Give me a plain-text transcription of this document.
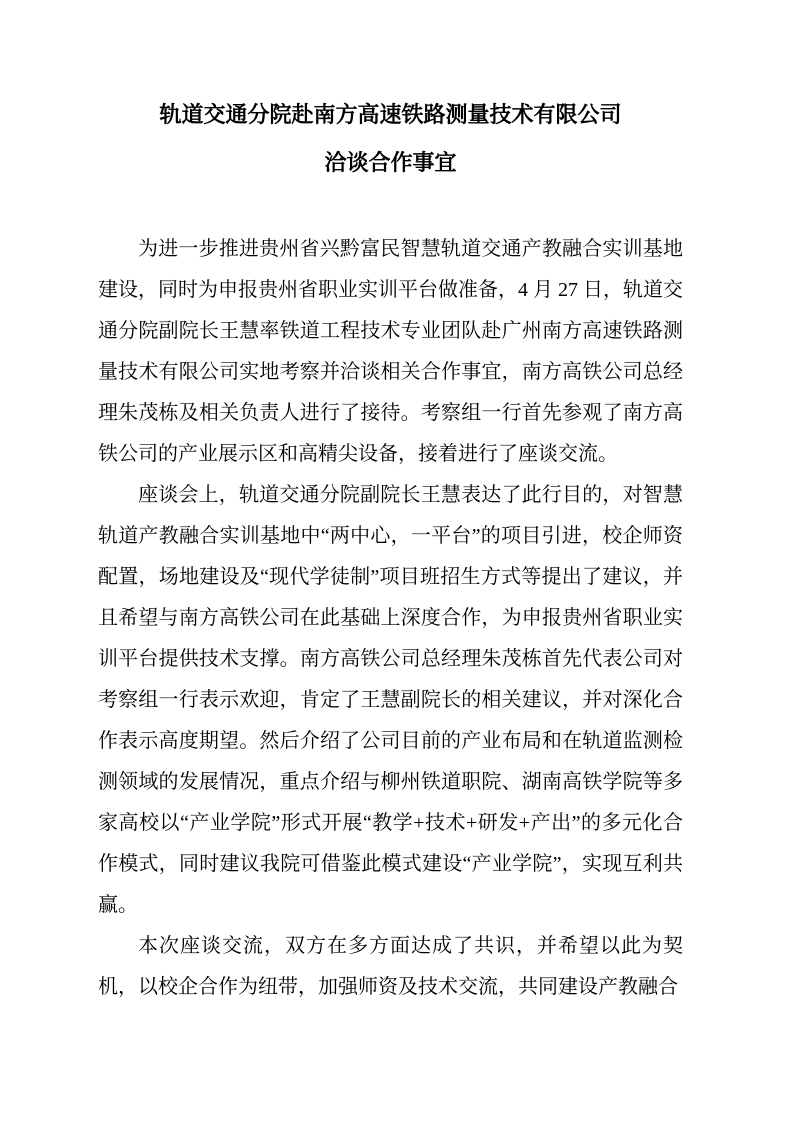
轨道交通分院赴南方高速铁路测量技术有限公司
洽谈合作事宜

为进一步推进贵州省兴黔富民智慧轨道交通产教融合实训基地建设，同时为申报贵州省职业实训平台做准备，4 月 27 日，轨道交通分院副院长王慧率铁道工程技术专业团队赴广州南方高速铁路测量技术有限公司实地考察并洽谈相关合作事宜，南方高铁公司总经理朱茂栋及相关负责人进行了接待。考察组一行首先参观了南方高铁公司的产业展示区和高精尖设备，接着进行了座谈交流。

座谈会上，轨道交通分院副院长王慧表达了此行目的，对智慧轨道产教融合实训基地中“两中心，一平台”的项目引进，校企师资配置，场地建设及“现代学徒制”项目班招生方式等提出了建议，并且希望与南方高铁公司在此基础上深度合作，为申报贵州省职业实训平台提供技术支撑。南方高铁公司总经理朱茂栋首先代表公司对考察组一行表示欢迎，肯定了王慧副院长的相关建议，并对深化合作表示高度期望。然后介绍了公司目前的产业布局和在轨道监测检测领域的发展情况，重点介绍与柳州铁道职院、湖南高铁学院等多家高校以“产业学院”形式开展“教学+技术+研发+产出”的多元化合作模式，同时建议我院可借鉴此模式建设“产业学院”，实现互利共赢。

本次座谈交流，双方在多方面达成了共识，并希望以此为契机，以校企合作为纽带，加强师资及技术交流，共同建设产教融合
